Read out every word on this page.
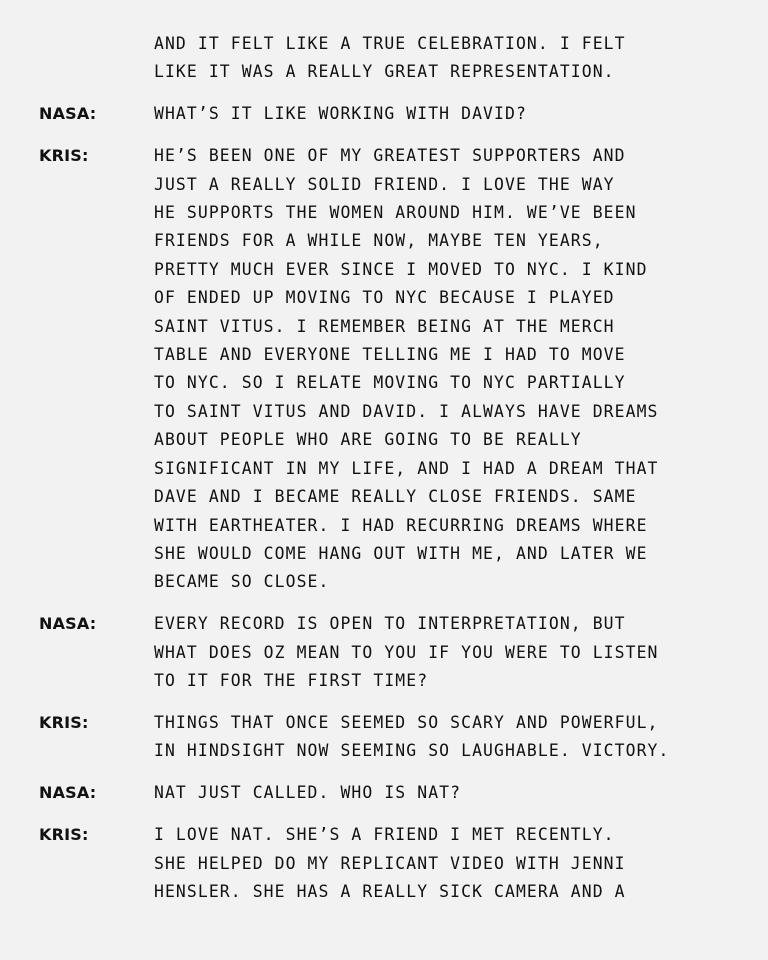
AND IT FELT LIKE A TRUE CELEBRATION. I FELT
LIKE IT WAS A REALLY GREAT REPRESENTATION.
NASA:	WHAT’S IT LIKE WORKING WITH DAVID?
KRIS:	HE’S BEEN ONE OF MY GREATEST SUPPORTERS AND
JUST A REALLY SOLID FRIEND. I LOVE THE WAY
HE SUPPORTS THE WOMEN AROUND HIM. WE’VE BEEN
FRIENDS FOR A WHILE NOW, MAYBE TEN YEARS,
PRETTY MUCH EVER SINCE I MOVED TO NYC. I KIND
OF ENDED UP MOVING TO NYC BECAUSE I PLAYED
SAINT VITUS. I REMEMBER BEING AT THE MERCH
TABLE AND EVERYONE TELLING ME I HAD TO MOVE
TO NYC. SO I RELATE MOVING TO NYC PARTIALLY
TO SAINT VITUS AND DAVID. I ALWAYS HAVE DREAMS
ABOUT PEOPLE WHO ARE GOING TO BE REALLY
SIGNIFICANT IN MY LIFE, AND I HAD A DREAM THAT
DAVE AND I BECAME REALLY CLOSE FRIENDS. SAME
WITH EARTHEATER. I HAD RECURRING DREAMS WHERE
SHE WOULD COME HANG OUT WITH ME, AND LATER WE
BECAME SO CLOSE.
NASA:	EVERY RECORD IS OPEN TO INTERPRETATION, BUT
WHAT DOES OZ MEAN TO YOU IF YOU WERE TO LISTEN
TO IT FOR THE FIRST TIME?
KRIS:	THINGS THAT ONCE SEEMED SO SCARY AND POWERFUL,
IN HINDSIGHT NOW SEEMING SO LAUGHABLE. VICTORY.
NASA:	NAT JUST CALLED. WHO IS NAT?
KRIS:	I LOVE NAT. SHE’S A FRIEND I MET RECENTLY.
SHE HELPED DO MY REPLICANT VIDEO WITH JENNI
HENSLER. SHE HAS A REALLY SICK CAMERA AND A
